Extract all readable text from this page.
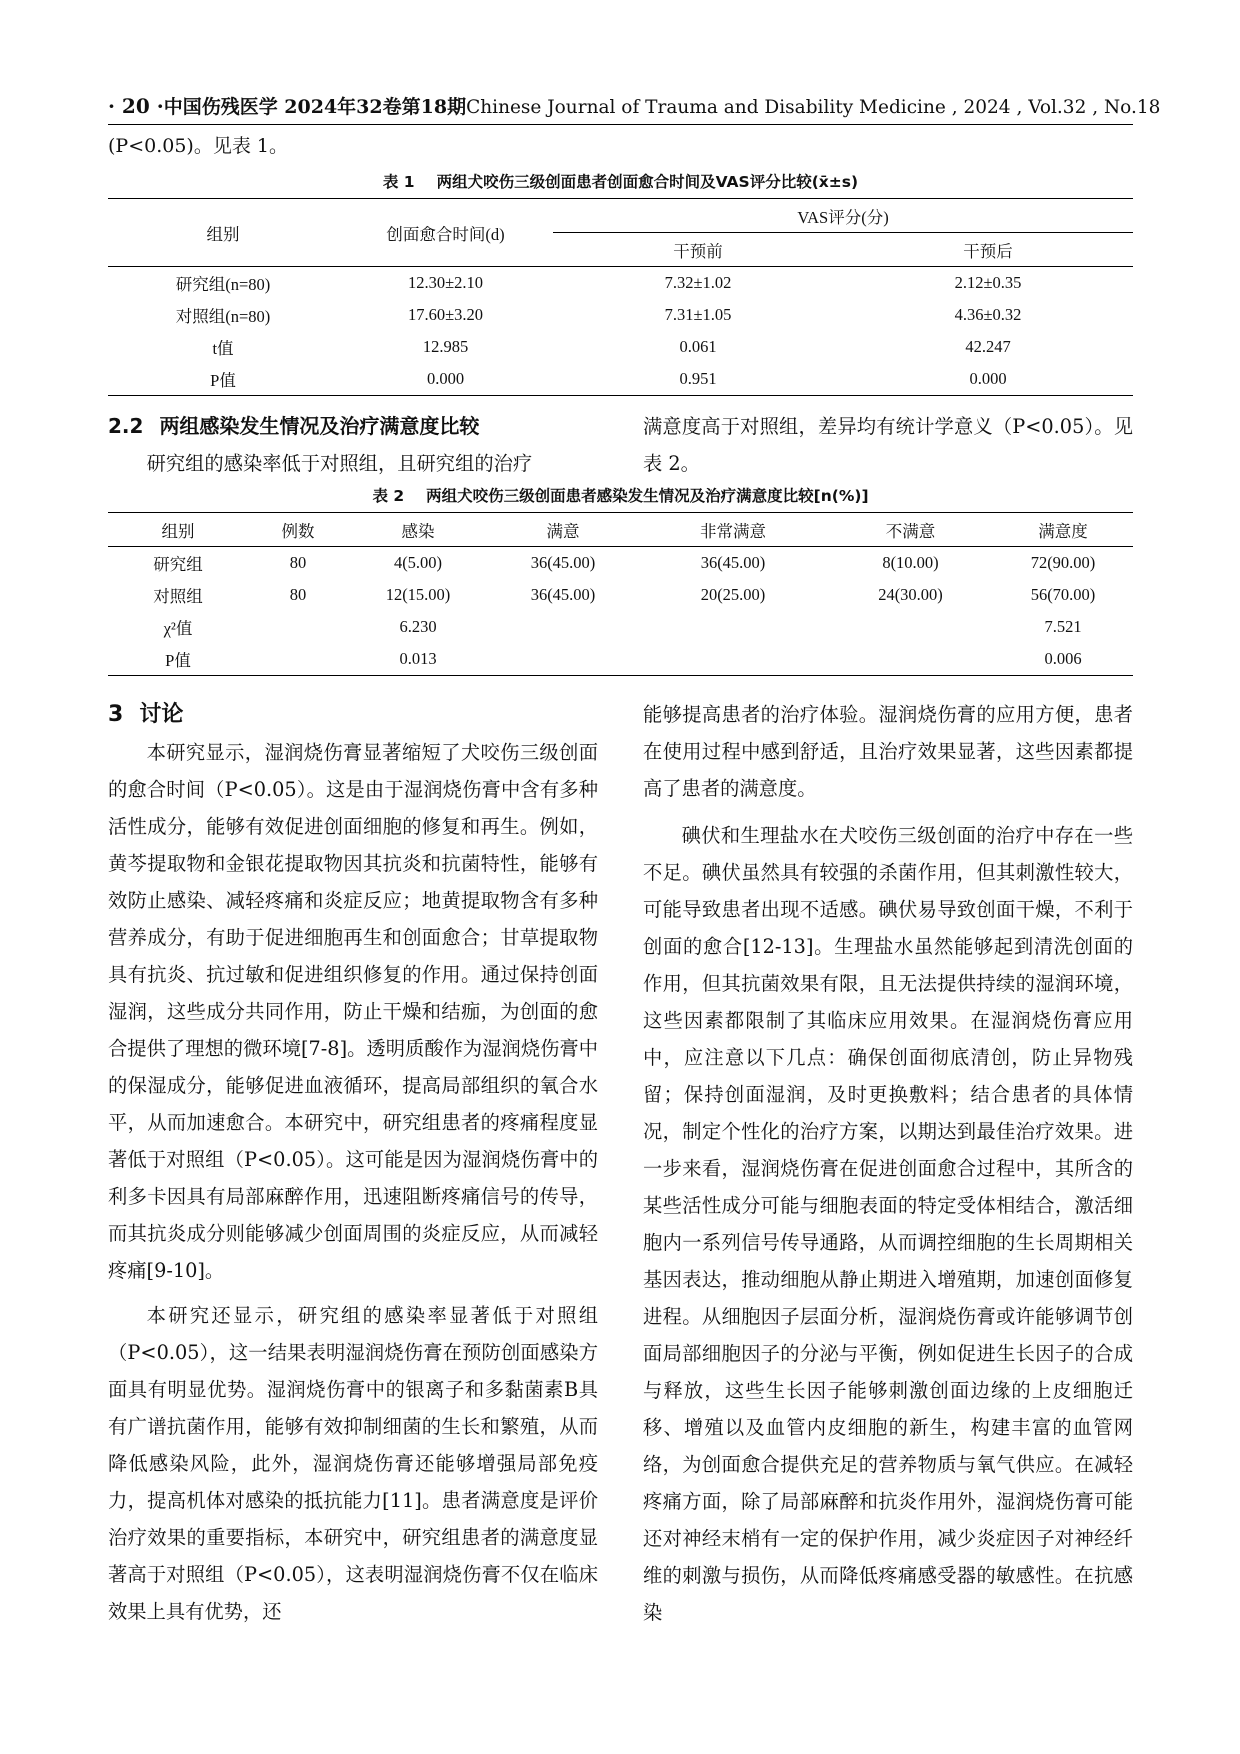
· 20 · 中国伤残医学 2024年32卷第18期 Chinese Journal of Trauma and Disability Medicine , 2024 , Vol.32 , No.18
(P<0.05)。见表 1。
表 1 两组犬咬伤三级创面患者创面愈合时间及VAS评分比较(x̄±s)
组别	创面愈合时间(d)	VAS评分(分)	
		干预前	干预后
研究组(n=80)	12.30±2.10	7.32±1.02	2.12±0.35
对照组(n=80)	17.60±3.20	7.31±1.05	4.36±0.32
t值	12.985	0.061	42.247
P值	0.000	0.951	0.000
2.2 两组感染发生情况及治疗满意度比较

研究组的感染率低于对照组，且研究组的治疗

满意度高于对照组，差异均有统计学意义（P<0.05）。见表 2。

表 2 两组犬咬伤三级创面患者感染发生情况及治疗满意度比较[n(%)]
组别	例数	感染	满意	非常满意	不满意	满意度
研究组	80	4(5.00)	36(45.00)	36(45.00)	8(10.00)	72(90.00)
对照组	80	12(15.00)	36(45.00)	20(25.00)	24(30.00)	56(70.00)
χ²值		6.230				7.521
P值		0.013				0.006
3 讨论

本研究显示，湿润烧伤膏显著缩短了犬咬伤三级创面的愈合时间（P<0.05）。这是由于湿润烧伤膏中含有多种活性成分，能够有效促进创面细胞的修复和再生。例如，黄芩提取物和金银花提取物因其抗炎和抗菌特性，能够有效防止感染、减轻疼痛和炎症反应；地黄提取物含有多种营养成分，有助于促进细胞再生和创面愈合；甘草提取物具有抗炎、抗过敏和促进组织修复的作用。通过保持创面湿润，这些成分共同作用，防止干燥和结痂，为创面的愈合提供了理想的微环境[7-8]。透明质酸作为湿润烧伤膏中的保湿成分，能够促进血液循环，提高局部组织的氧合水平，从而加速愈合。本研究中，研究组患者的疼痛程度显著低于对照组（P<0.05）。这可能是因为湿润烧伤膏中的利多卡因具有局部麻醉作用，迅速阻断疼痛信号的传导，而其抗炎成分则能够减少创面周围的炎症反应，从而减轻疼痛[9-10]。

本研究还显示，研究组的感染率显著低于对照组（P<0.05），这一结果表明湿润烧伤膏在预防创面感染方面具有明显优势。湿润烧伤膏中的银离子和多黏菌素B具有广谱抗菌作用，能够有效抑制细菌的生长和繁殖，从而降低感染风险，此外，湿润烧伤膏还能够增强局部免疫力，提高机体对感染的抵抗能力[11]。患者满意度是评价治疗效果的重要指标，本研究中，研究组患者的满意度显著高于对照组（P<0.05），这表明湿润烧伤膏不仅在临床效果上具有优势，还

能够提高患者的治疗体验。湿润烧伤膏的应用方便，患者在使用过程中感到舒适，且治疗效果显著，这些因素都提高了患者的满意度。

碘伏和生理盐水在犬咬伤三级创面的治疗中存在一些不足。碘伏虽然具有较强的杀菌作用，但其刺激性较大，可能导致患者出现不适感。碘伏易导致创面干燥，不利于创面的愈合[12-13]。生理盐水虽然能够起到清洗创面的作用，但其抗菌效果有限，且无法提供持续的湿润环境，这些因素都限制了其临床应用效果。在湿润烧伤膏应用中，应注意以下几点：确保创面彻底清创，防止异物残留；保持创面湿润，及时更换敷料；结合患者的具体情况，制定个性化的治疗方案，以期达到最佳治疗效果。进一步来看，湿润烧伤膏在促进创面愈合过程中，其所含的某些活性成分可能与细胞表面的特定受体相结合，激活细胞内一系列信号传导通路，从而调控细胞的生长周期相关基因表达，推动细胞从静止期进入增殖期，加速创面修复进程。从细胞因子层面分析，湿润烧伤膏或许能够调节创面局部细胞因子的分泌与平衡，例如促进生长因子的合成与释放，这些生长因子能够刺激创面边缘的上皮细胞迁移、增殖以及血管内皮细胞的新生，构建丰富的血管网络，为创面愈合提供充足的营养物质与氧气供应。在减轻疼痛方面，除了局部麻醉和抗炎作用外，湿润烧伤膏可能还对神经末梢有一定的保护作用，减少炎症因子对神经纤维的刺激与损伤，从而降低疼痛感受器的敏感性。在抗感染
